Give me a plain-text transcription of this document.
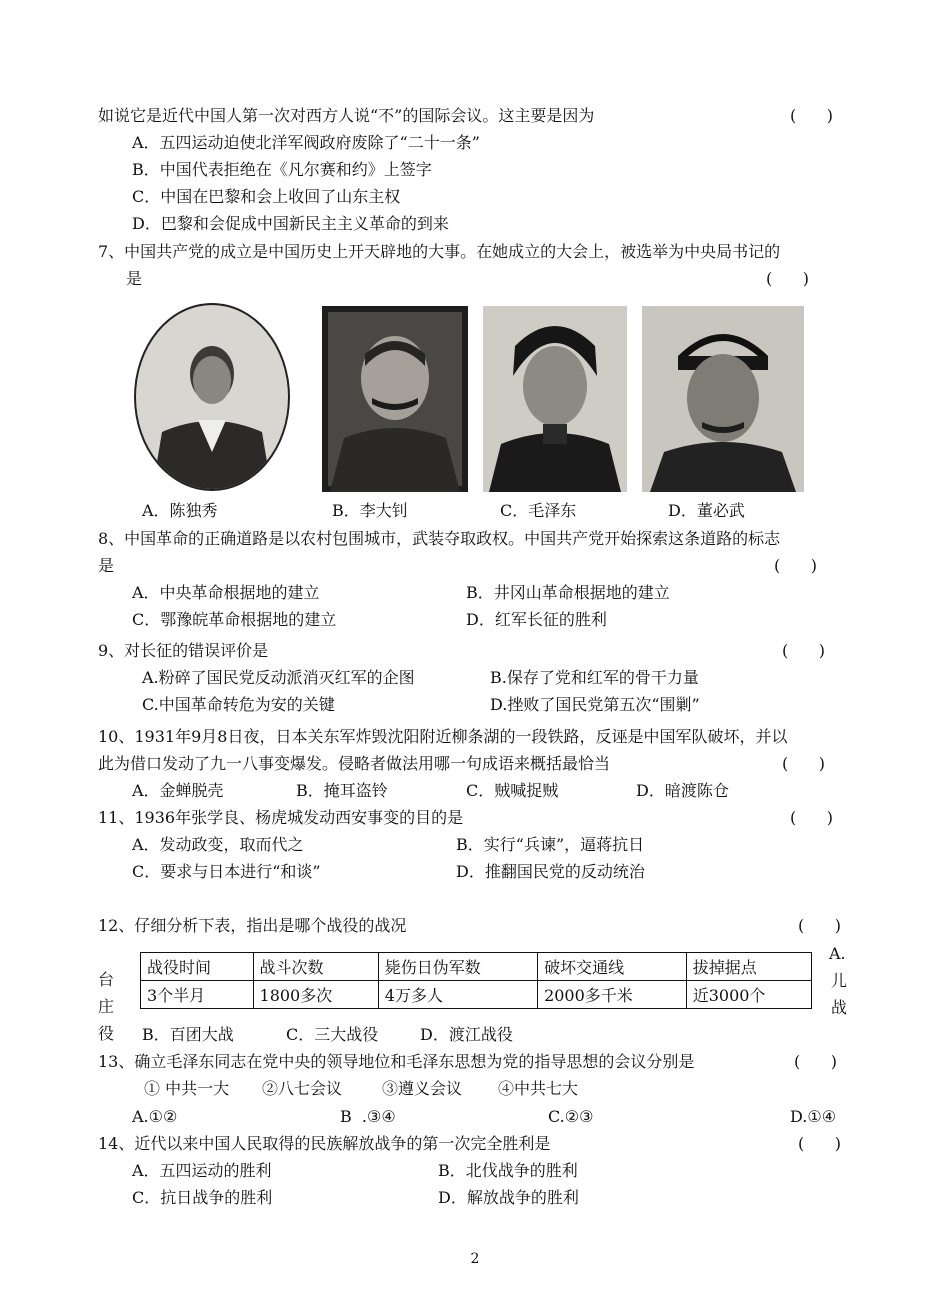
如说它是近代中国人第一次对西方人说“不”的国际会议。这主要是因为	(      )
A．五四运动迫使北洋军阀政府废除了“二十一条”
B．中国代表拒绝在《凡尔赛和约》上签字
C．中国在巴黎和会上收回了山东主权
D．巴黎和会促成中国新民主主义革命的到来
7、中国共产党的成立是中国历史上开天辟地的大事。在她成立的大会上，被选举为中央局书记的
是	(      )
A．陈独秀	B．李大钊	C．毛泽东	D．董必武
8、中国革命的正确道路是以农村包围城市，武装夺取政权。中国共产党开始探索这条道路的标志
是	(      )
A．中央革命根据地的建立	B．井冈山革命根据地的建立
C．鄂豫皖革命根据地的建立	D．红军长征的胜利
9、对长征的错误评价是	(      )
A.粉碎了国民党反动派消灭红军的企图	B.保存了党和红军的骨干力量
C.中国革命转危为安的关键	D.挫败了国民党第五次“围剿”
10、1931年9月8日夜，日本关东军炸毁沈阳附近柳条湖的一段铁路，反诬是中国军队破坏，并以
此为借口发动了九一八事变爆发。侵略者做法用哪一句成语来概括最恰当	(      )
A．金蝉脱壳	B．掩耳盗铃	C．贼喊捉贼	D．暗渡陈仓
11、1936年张学良、杨虎城发动西安事变的目的是	(      )
A．发动政变，取而代之	B．实行“兵谏”，逼蒋抗日
C．要求与日本进行“和谈”	D．推翻国民党的反动统治
12、仔细分析下表，指出是哪个战役的战况	(      )
A.
儿
战
台
庄
役
战役时间	战斗次数	毙伤日伪军数	破坏交通线	拔掉据点
3个半月	1800多次	4万多人	2000多千米	近3000个
B．百团大战	C．三大战役	D．渡江战役
13、确立毛泽东同志在党中央的领导地位和毛泽东思想为党的指导思想的会议分别是	(      )
① 中共一大 ②八七会议 ③遵义会议 ④中共七大
A.①②	B  .③④	C.②③	D.①④
14、近代以来中国人民取得的民族解放战争的第一次完全胜利是	(      )
A．五四运动的胜利	B．北伐战争的胜利
C．抗日战争的胜利	D．解放战争的胜利
2
